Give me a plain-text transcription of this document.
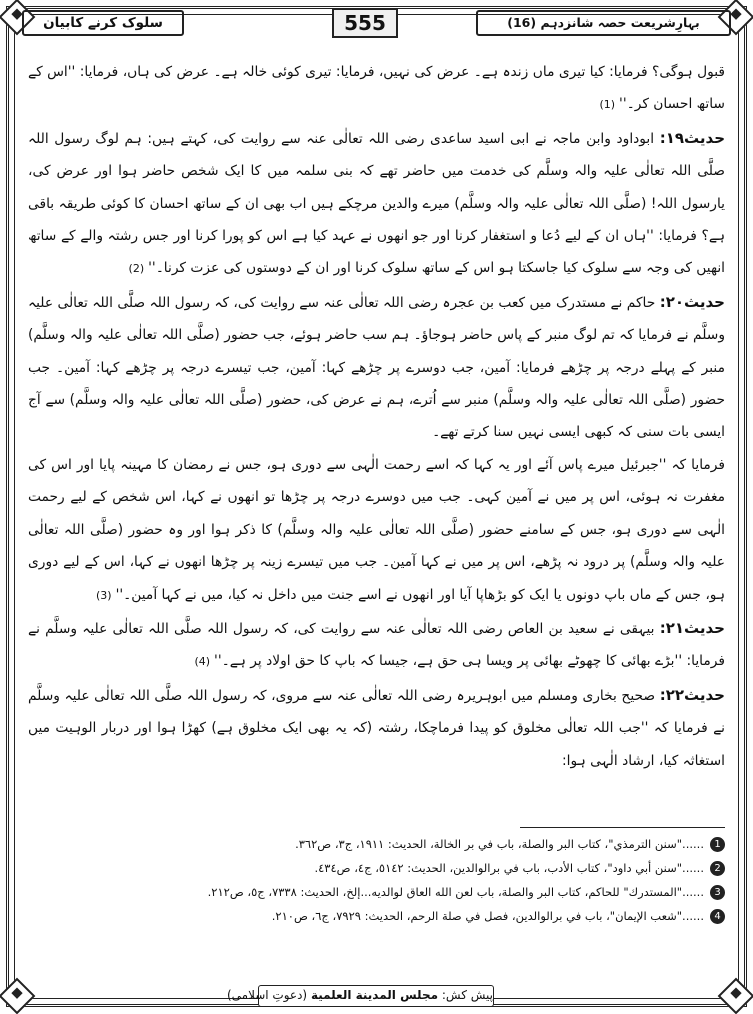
بہارِشریعت حصہ شانزدہم (16)
555
سلوک کرنے کابیان

قبول ہوگی؟ فرمایا: کیا تیری ماں زندہ ہے۔ عرض کی نہیں، فرمایا: تیری کوئی خالہ ہے۔ عرض کی ہاں، فرمایا: ''اس کے ساتھ احسان کر۔''(1)

حدیث۱۹: ابوداود وابن ماجہ نے ابی اسید ساعدی رضی اللہ تعالٰی عنہ سے روایت کی، کہتے ہیں: ہم لوگ رسول اللہ صلَّی اللہ تعالٰی علیہ والہ وسلَّم کی خدمت میں حاضر تھے کہ بنی سلمہ میں کا ایک شخص حاضر ہوا اور عرض کی، یارسول اللہ! (صلَّی اللہ تعالٰی علیہ والہ وسلَّم) میرے والدین مرچکے ہیں اب بھی ان کے ساتھ احسان کا کوئی طریقہ باقی ہے؟ فرمایا: ''ہاں ان کے لیے دُعا و استغفار کرنا اور جو انھوں نے عہد کیا ہے اس کو پورا کرنا اور جس رشتہ والے کے ساتھ انھیں کی وجہ سے سلوک کیا جاسکتا ہو اس کے ساتھ سلوک کرنا اور ان کے دوستوں کی عزت کرنا۔''(2)

حدیث۲۰: حاکم نے مستدرک میں کعب بن عجرہ رضی اللہ تعالٰی عنہ سے روایت کی، کہ رسول اللہ صلَّی اللہ تعالٰی علیہ وسلَّم نے فرمایا کہ تم لوگ منبر کے پاس حاضر ہوجاؤ۔ ہم سب حاضر ہوئے، جب حضور (صلَّی اللہ تعالٰی علیہ والہ وسلَّم) منبر کے پہلے درجہ پر چڑھے فرمایا: آمین، جب دوسرے پر چڑھے کہا: آمین، جب تیسرے درجہ پر چڑھے کہا: آمین۔ جب حضور (صلَّی اللہ تعالٰی علیہ والہ وسلَّم) منبر سے اُترے، ہم نے عرض کی، حضور (صلَّی اللہ تعالٰی علیہ والہ وسلَّم) سے آج ایسی بات سنی کہ کبھی ایسی نہیں سنا کرتے تھے۔

فرمایا کہ ''جبرئیل میرے پاس آئے اور یہ کہا کہ اسے رحمت الٰہی سے دوری ہو، جس نے رمضان کا مہینہ پایا اور اس کی مغفرت نہ ہوئی، اس پر میں نے آمین کہی۔ جب میں دوسرے درجہ پر چڑھا تو انھوں نے کہا، اس شخص کے لیے رحمت الٰہی سے دوری ہو، جس کے سامنے حضور (صلَّی اللہ تعالٰی علیہ والہ وسلَّم) کا ذکر ہوا اور وہ حضور (صلَّی اللہ تعالٰی علیہ والہ وسلَّم) پر درود نہ پڑھے، اس پر میں نے کہا آمین۔ جب میں تیسرے زینہ پر چڑھا انھوں نے کہا، اس کے لیے دوری ہو، جس کے ماں باپ دونوں یا ایک کو بڑھاپا آیا اور انھوں نے اسے جنت میں داخل نہ کیا، میں نے کہا آمین۔''(3)

حدیث۲۱: بیہقی نے سعید بن العاص رضی اللہ تعالٰی عنہ سے روایت کی، کہ رسول اللہ صلَّی اللہ تعالٰی علیہ وسلَّم نے فرمایا: ''بڑے بھائی کا چھوٹے بھائی پر ویسا ہی حق ہے، جیسا کہ باپ کا حق اولاد پر ہے۔''(4)

حدیث۲۲: صحیح بخاری ومسلم میں ابوہریرہ رضی اللہ تعالٰی عنہ سے مروی، کہ رسول اللہ صلَّی اللہ تعالٰی علیہ وسلَّم نے فرمایا کہ ''جب اللہ تعالٰی مخلوق کو پیدا فرماچکا، رشتہ (کہ یہ بھی ایک مخلوق ہے) کھڑا ہوا اور دربار الوہیت میں استغاثہ کیا، ارشاد الٰہی ہوا:

1......"سنن الترمذي"، كتاب البر والصلة، باب في بر الخالة، الحديث: ١٩١١، ج٣، ص٣٦٢.
2......"سنن أبي داود"، كتاب الأدب، باب في برالوالدين، الحديث: ٥١٤٢، ج٤، ص٤٣٤.
3......"المستدرك" للحاكم، كتاب البر والصلة، باب لعن الله العاق لوالديه...إلخ، الحديث: ٧٣٣٨، ج٥، ص٢١٢.
4......"شعب الإيمان"، باب في برالوالدين، فصل في صلة الرحم، الحديث: ٧٩٢٩، ج٦، ص٢١٠.
پیش کش: مجلس المدينة العلمية (دعوتِ اسلامی)
